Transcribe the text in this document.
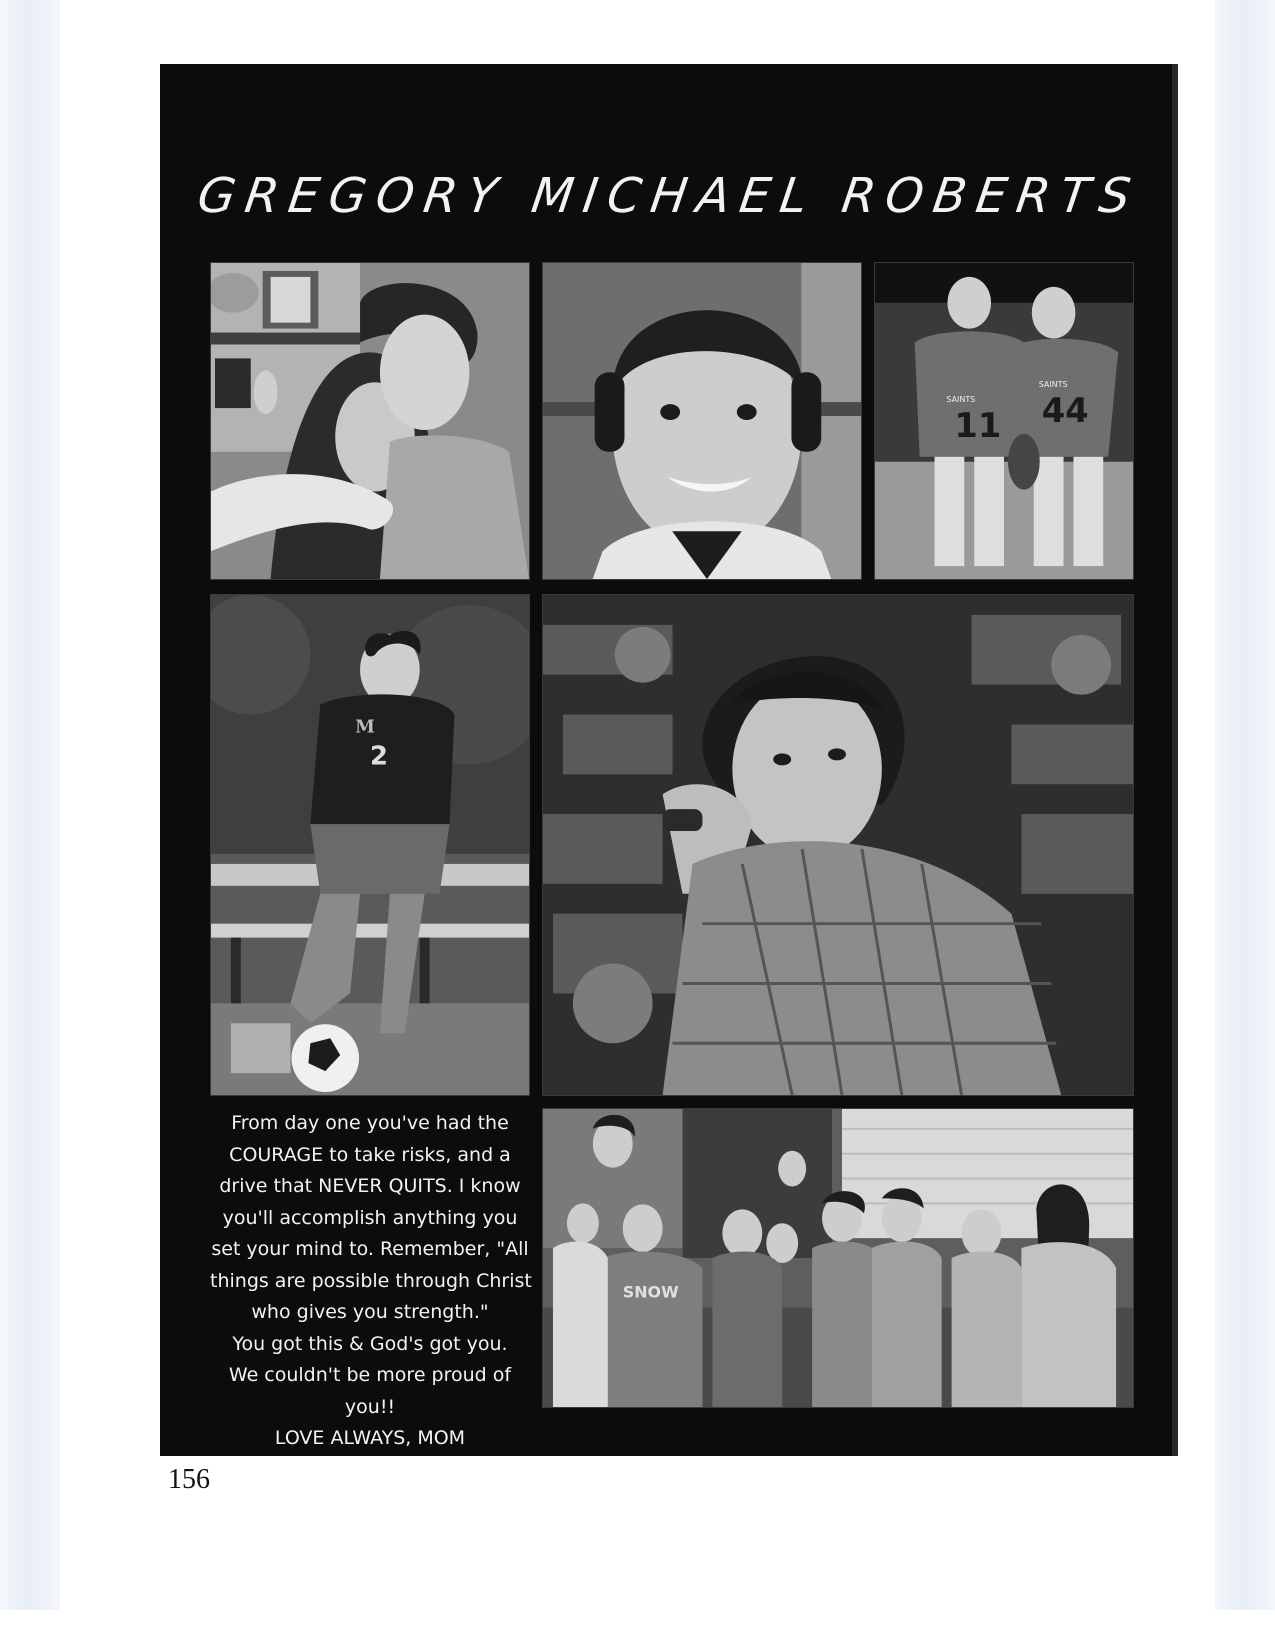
GREGORY MICHAEL ROBERTS
SAINTS
11
SAINTS
44
M
2
From day one you've had the
COURAGE to take risks, and a
drive that NEVER QUITS. I know
you'll accomplish anything you
set your mind to. Remember, "All
things are possible through Christ
who gives you strength."
You got this & God's got you.
We couldn't be more proud of
you!!
LOVE ALWAYS, MOM
SNOW
156
